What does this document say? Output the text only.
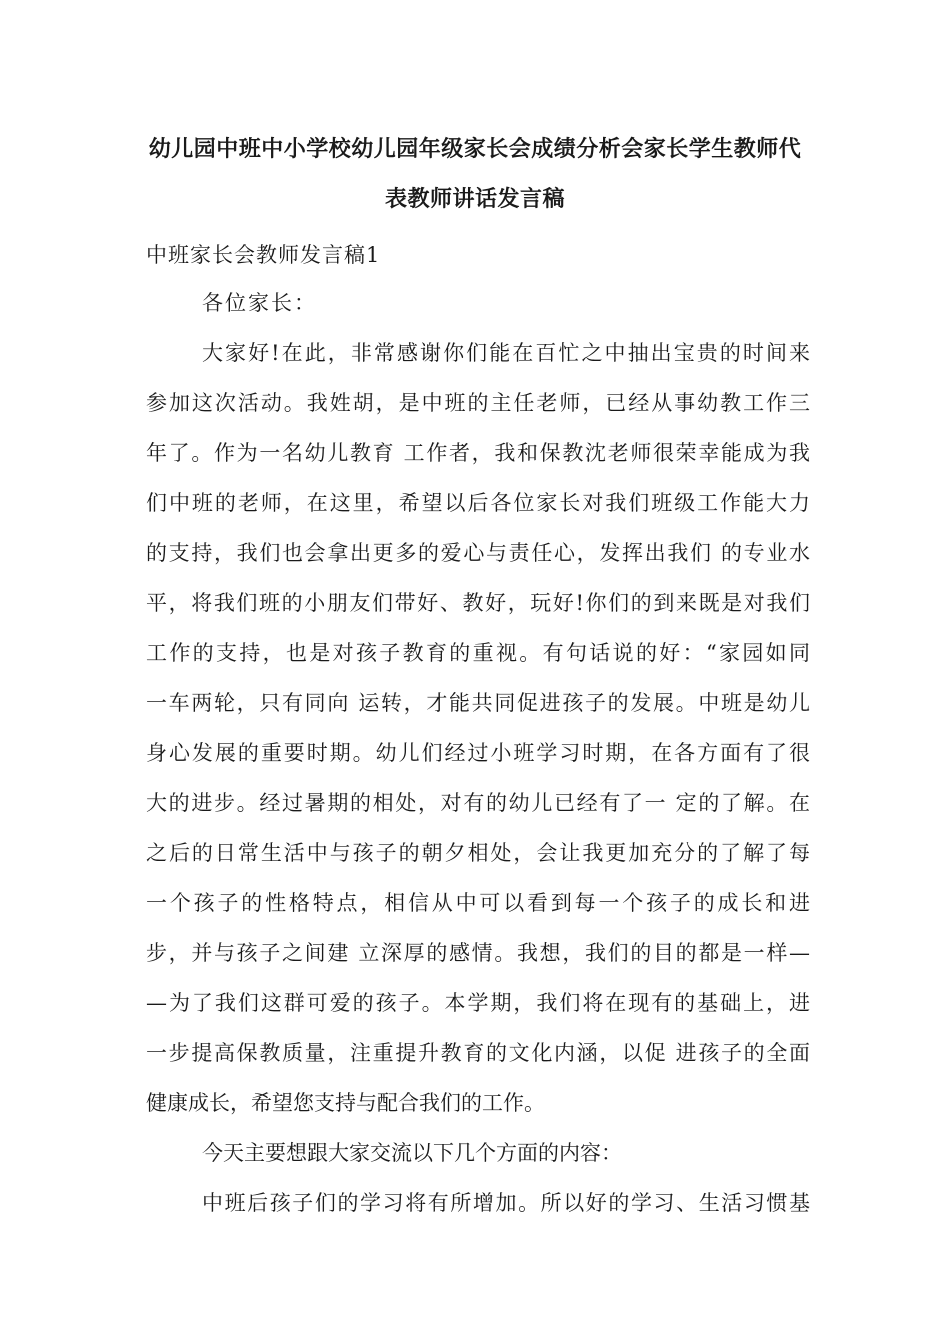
幼儿园中班中小学校幼儿园年级家长会成绩分析会家长学生教师代
表教师讲话发言稿
中班家长会教师发言稿1
各位家长：
大家好!在此，非常感谢你们能在百忙之中抽出宝贵的时间来
参加这次活动。我姓胡，是中班的主任老师，已经从事幼教工作三
年了。作为一名幼儿教育 工作者，我和保教沈老师很荣幸能成为我
们中班的老师，在这里，希望以后各位家长对我们班级工作能大力
的支持，我们也会拿出更多的爱心与责任心，发挥出我们 的专业水
平，将我们班的小朋友们带好、教好，玩好!你们的到来既是对我们
工作的支持，也是对孩子教育的重视。有句话说的好：“家园如同
一车两轮，只有同向 运转，才能共同促进孩子的发展。中班是幼儿
身心发展的重要时期。幼儿们经过小班学习时期，在各方面有了很
大的进步。经过暑期的相处，对有的幼儿已经有了一 定的了解。在
之后的日常生活中与孩子的朝夕相处，会让我更加充分的了解了每
一个孩子的性格特点，相信从中可以看到每一个孩子的成长和进
步，并与孩子之间建 立深厚的感情。我想，我们的目的都是一样—
—为了我们这群可爱的孩子。本学期，我们将在现有的基础上，进
一步提高保教质量，注重提升教育的文化内涵，以促 进孩子的全面
健康成长，希望您支持与配合我们的工作。
今天主要想跟大家交流以下几个方面的内容：
中班后孩子们的学习将有所增加。所以好的学习、生活习惯基
